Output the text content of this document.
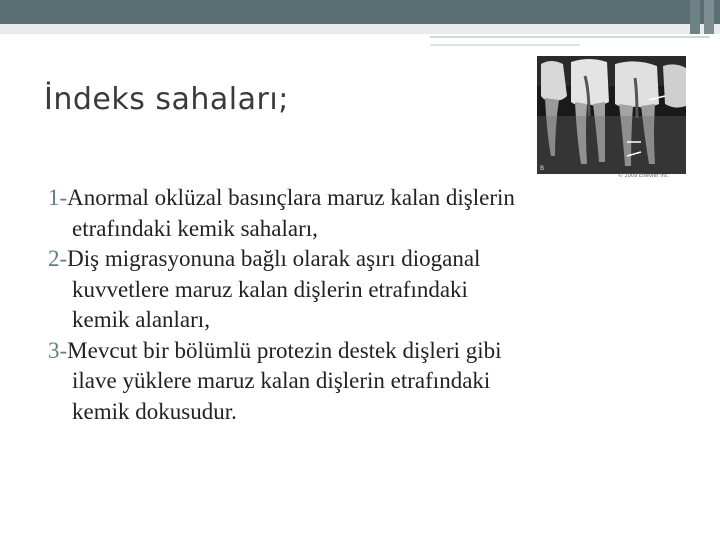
İndeks sahaları;
B
© 2009 Elsevier Inc.
1-Anormal oklüzal basınçlara maruz kalan dişlerin
etrafındaki kemik sahaları,
2-Diş migrasyonuna bağlı olarak aşırı dioganal
kuvvetlere maruz kalan dişlerin etrafındaki
kemik alanları,
3-Mevcut bir bölümlü protezin destek dişleri gibi
ilave yüklere maruz kalan dişlerin etrafındaki
kemik dokusudur.
